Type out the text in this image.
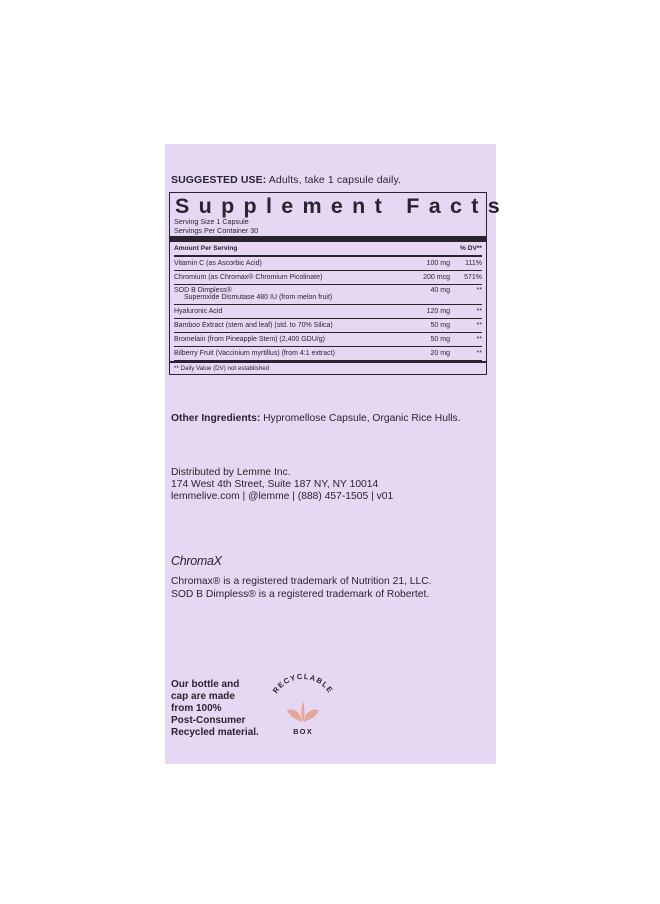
SUGGESTED USE: Adults, take 1 capsule daily.
Supplement Facts
Serving Size 1 Capsule
Servings Per Container 30
Amount Per Serving	% DV**
Vitamin C (as Ascorbic Acid)	100 mg	111%
Chromium (as Chromax® Chromium Picolinate)	200 mcg	571%
SOD B Dimpless®
Superoxide Dismutase 480 IU (from melon fruit)
40 mg	**
Hyaluronic Acid	120 mg	**
Bamboo Extract (stem and leaf) (std. to 70% Silica)	50 mg	**
Bromelain (from Pineapple Stem) (2,400 GDU/g)	50 mg	**
Bilberry Fruit (Vaccinium myrtillus) (from 4:1 extract)	20 mg	**
** Daily Value (DV) not established
Other Ingredients: Hypromellose Capsule, Organic Rice Hulls.
Distributed by Lemme Inc.
174 West 4th Street, Suite 187 NY, NY 10014
lemmelive.com | @lemme | (888) 457-1505 | v01
ChromaX
Chromax® is a registered trademark of Nutrition 21, LLC.
SOD B Dimpless® is a registered trademark of Robertet.
Our bottle and
cap are made
from 100%
Post-Consumer
Recycled material.
RECYCLABLE
BOX
